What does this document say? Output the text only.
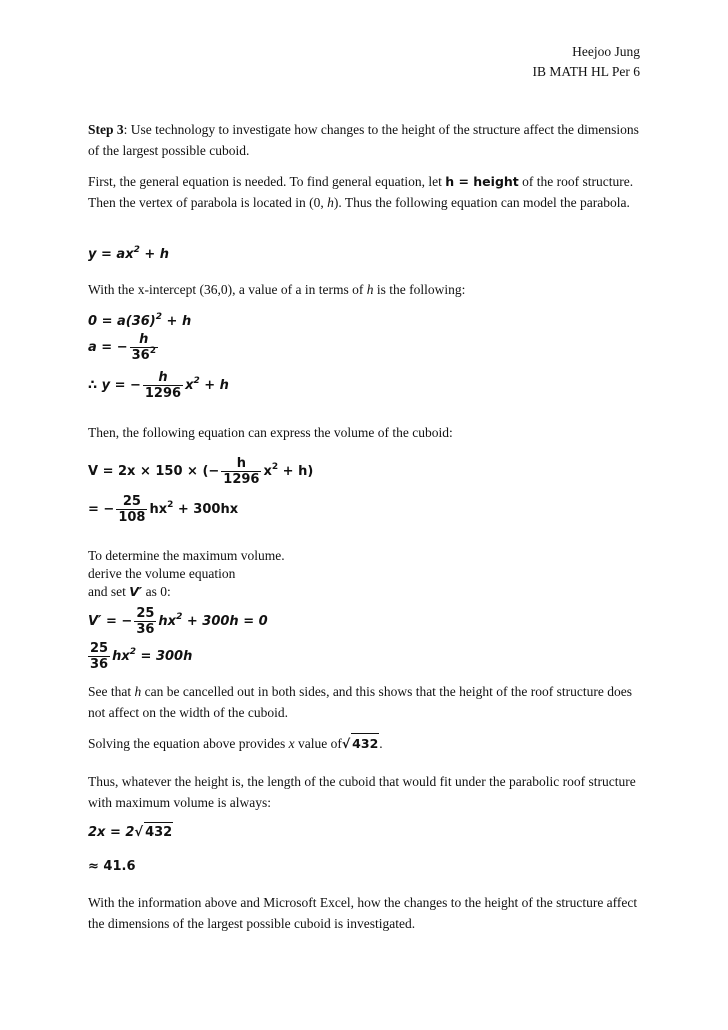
Heejoo Jung
IB MATH HL Per 6
Step 3: Use technology to investigate how changes to the height of the structure affect the dimensions of the largest possible cuboid.
First, the general equation is needed. To find general equation, let h = height of the roof structure. Then the vertex of parabola is located in (0, h). Thus the following equation can model the parabola.
$y = ax^2 + h$
With the x-intercept (36,0), a value of a in terms of h is the following:
$0 = a(36)^2 + h$
a = − $\frac{h}{36^2}$
∴ y = − $\frac{h}{1296} x^2 + h$
Then, the following equation can express the volume of the cuboid:
V = 2x × 150 × (− $\frac{h}{1296} x^2 + h$)
= − $\frac{25}{108} hx^2 + 300hx$
To determine the maximum volume.
derive the volume equation
and set V′ as 0:
V′ = − $\frac{25}{36} hx^2 + 300h = 0$
$\frac{25}{36} hx^2 = 300h$
See that h can be cancelled out in both sides, and this shows that the height of the roof structure does not affect on the width of the cuboid.
Solving the equation above provides x value of√ 432.
Thus, whatever the height is, the length of the cuboid that would fit under the parabolic roof structure with maximum volume is always:
2x = 2√ 432
≈ 41.6
With the information above and Microsoft Excel, how the changes to the height of the structure affect the dimensions of the largest possible cuboid is investigated.
